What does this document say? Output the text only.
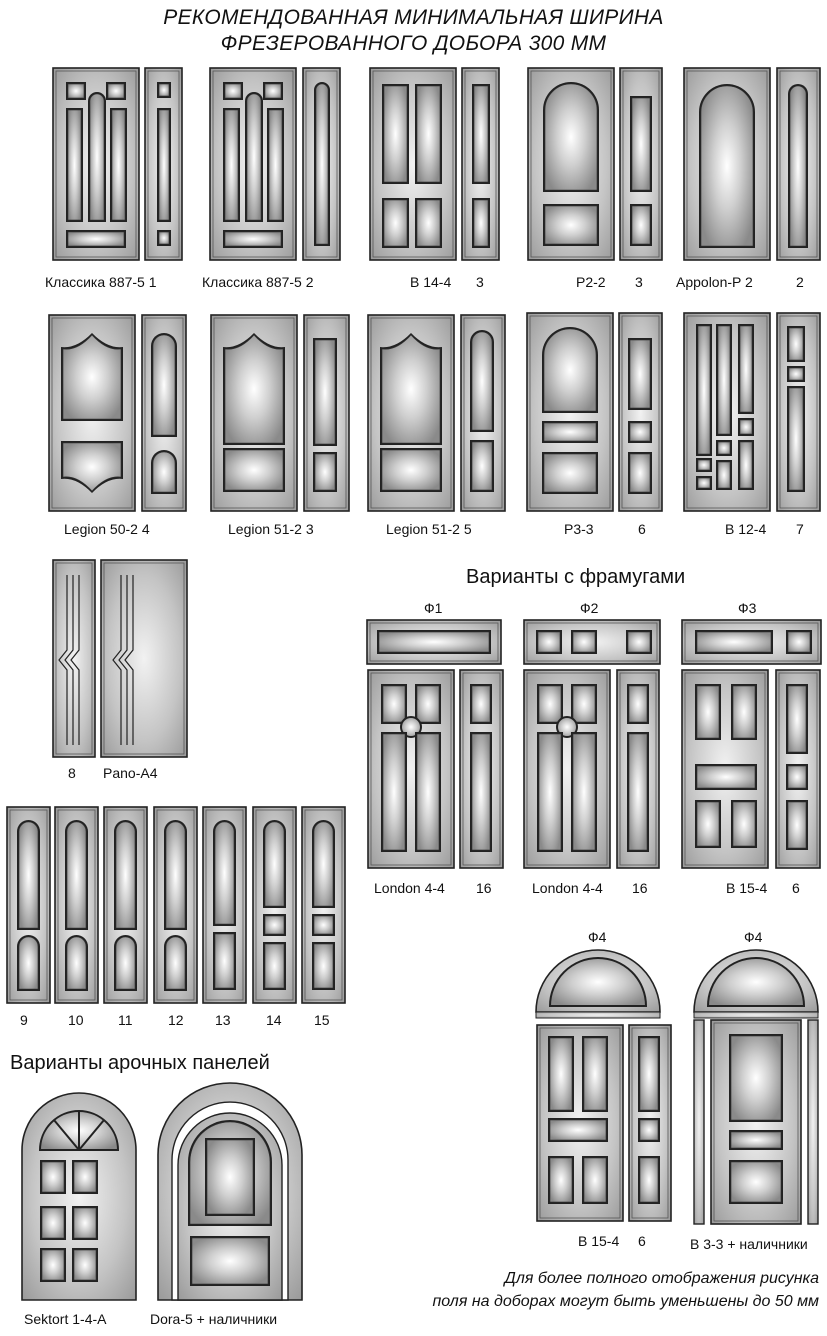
РЕКОМЕНДОВАННАЯ МИНИМАЛЬНАЯ ШИРИНА
ФРЕЗЕРОВАННОГО ДОБОРА 300 ММ
Классика 887-5 1	Классика 887-5 2	B 14-4 3	P2-2 3 Appolon-P 2	2
Legion 50-2 4	Legion 51-2 3	Legion 51-2 5	P3-3	6	B 12-4 7
8 Pano-A4
Варианты с фрамугами
Ф1	Ф2	Ф3
London 4-4 16	London 4-4 16	B 15-4 6
Ф4	Ф4
B 15-4 6	B 3-3 + наличники
9	10 11	12 13	14 15
Варианты арочных панелей
Sektort 1-4-A	Dora-5 + наличники
Для более полного отображения рисунка
поля на доборах могут быть уменьшены до 50 мм
